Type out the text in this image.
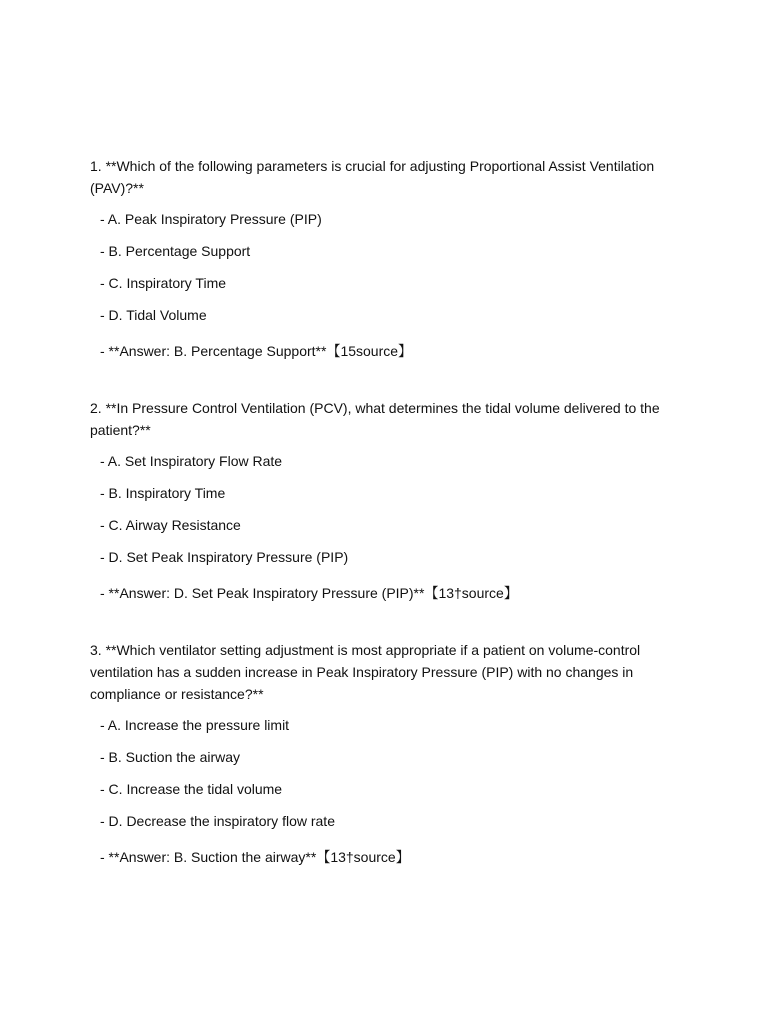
1. **Which of the following parameters is crucial for adjusting Proportional Assist Ventilation (PAV)?**

- A. Peak Inspiratory Pressure (PIP)
- B. Percentage Support
- C. Inspiratory Time
- D. Tidal Volume
- **Answer: B. Percentage Support**【15source】

2. **In Pressure Control Ventilation (PCV), what determines the tidal volume delivered to the patient?**

- A. Set Inspiratory Flow Rate
- B. Inspiratory Time
- C. Airway Resistance
- D. Set Peak Inspiratory Pressure (PIP)
- **Answer: D. Set Peak Inspiratory Pressure (PIP)**【13†source】

3. **Which ventilator setting adjustment is most appropriate if a patient on volume-control ventilation has a sudden increase in Peak Inspiratory Pressure (PIP) with no changes in compliance or resistance?**

- A. Increase the pressure limit
- B. Suction the airway
- C. Increase the tidal volume
- D. Decrease the inspiratory flow rate
- **Answer: B. Suction the airway**【13†source】
